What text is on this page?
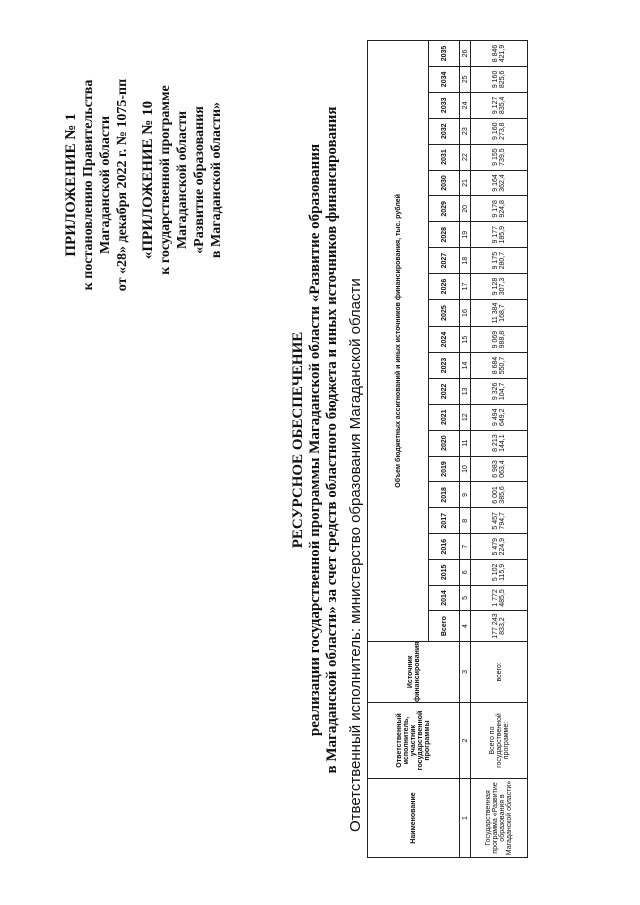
ПРИЛОЖЕНИЕ № 1 к постановлению Правительства Магаданской области от «28» декабря 2022 г. № 1075-пп «ПРИЛОЖЕНИЕ № 10 к государственной программе Магаданской области «Развитие образования в Магаданской области»
РЕСУРСНОЕ ОБЕСПЕЧЕНИЕ реализации государственной программы Магаданской области «Развитие образования в Магаданской области» за счет средств областного бюджета и иных источников финансирования Ответственный исполнитель: министерство образования Магаданской области	Наименование	Ответственный исполнитель, участник государственной программы	Источник финансирования	Объем бюджетных ассигнований и иных источников финансирования, тыс. рублей																						
			Всего	2014	2015	2016	2017	2018	2019	2020	2021	2022	2023	2024	2025	2026	2027	2028	2029	2030	2031	2032	2033	2034	2035
1	2	3	4	5	6	7	8	9	10	11	12	13	14	15	16	17	18	19	20	21	22	23	24	25	26
Государственная программа «Развитие образования в Магаданской области»	Всего по государственной программе:	всего:	177 243 833,2	1 772 485,5	5 102 115,9	5 479 224,9	5 457 794,7	6 001 385,6	6 983 063,4	8 213 144,1	9 494 649,2	9 326 104,7	8 684 550,7	9 069 988,8	11 384 168,7	9 128 307,3	9 175 280,7	9 177 185,9	9 178 924,8	9 164 362,4	9 155 739,5	9 160 273,8	9 127 835,4	9 160 825,6	8 846 421,9
